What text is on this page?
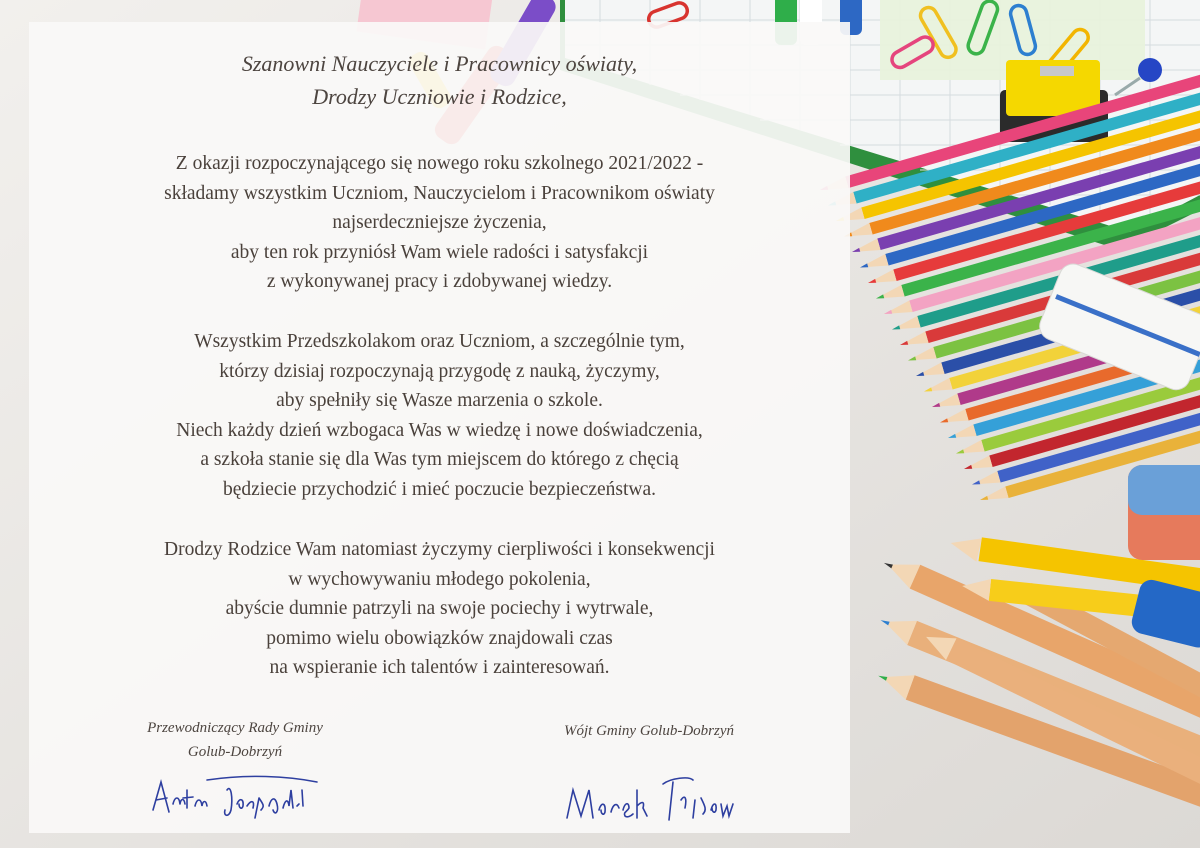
Szanowni Nauczyciele i Pracownicy oświaty,
Drodzy Uczniowie i Rodzice,
Z okazji rozpoczynającego się nowego roku szkolnego 2021/2022 -
składamy wszystkim Uczniom, Nauczycielom i Pracownikom oświaty
najserdeczniejsze życzenia,
aby ten rok przyniósł Wam wiele radości i satysfakcji
z wykonywanej pracy i zdobywanej wiedzy.
Wszystkim Przedszkolakom oraz Uczniom, a szczególnie tym,
którzy dzisiaj rozpoczynają przygodę z nauką, życzymy,
aby spełniły się Wasze marzenia o szkole.
Niech każdy dzień wzbogaca Was w wiedzę i nowe doświadczenia,
a szkoła stanie się dla Was tym miejscem do którego z chęcią
będziecie przychodzić i mieć poczucie bezpieczeństwa.
Drodzy Rodzice Wam natomiast życzymy cierpliwości i konsekwencji
w wychowywaniu młodego pokolenia,
abyście dumnie patrzyli na swoje pociechy i wytrwale,
pomimo wielu obowiązków znajdowali czas
na wspieranie ich talentów i zainteresowań.
Przewodniczący Rady Gminy
Golub-Dobrzyń
Wójt Gminy Golub-Dobrzyń
